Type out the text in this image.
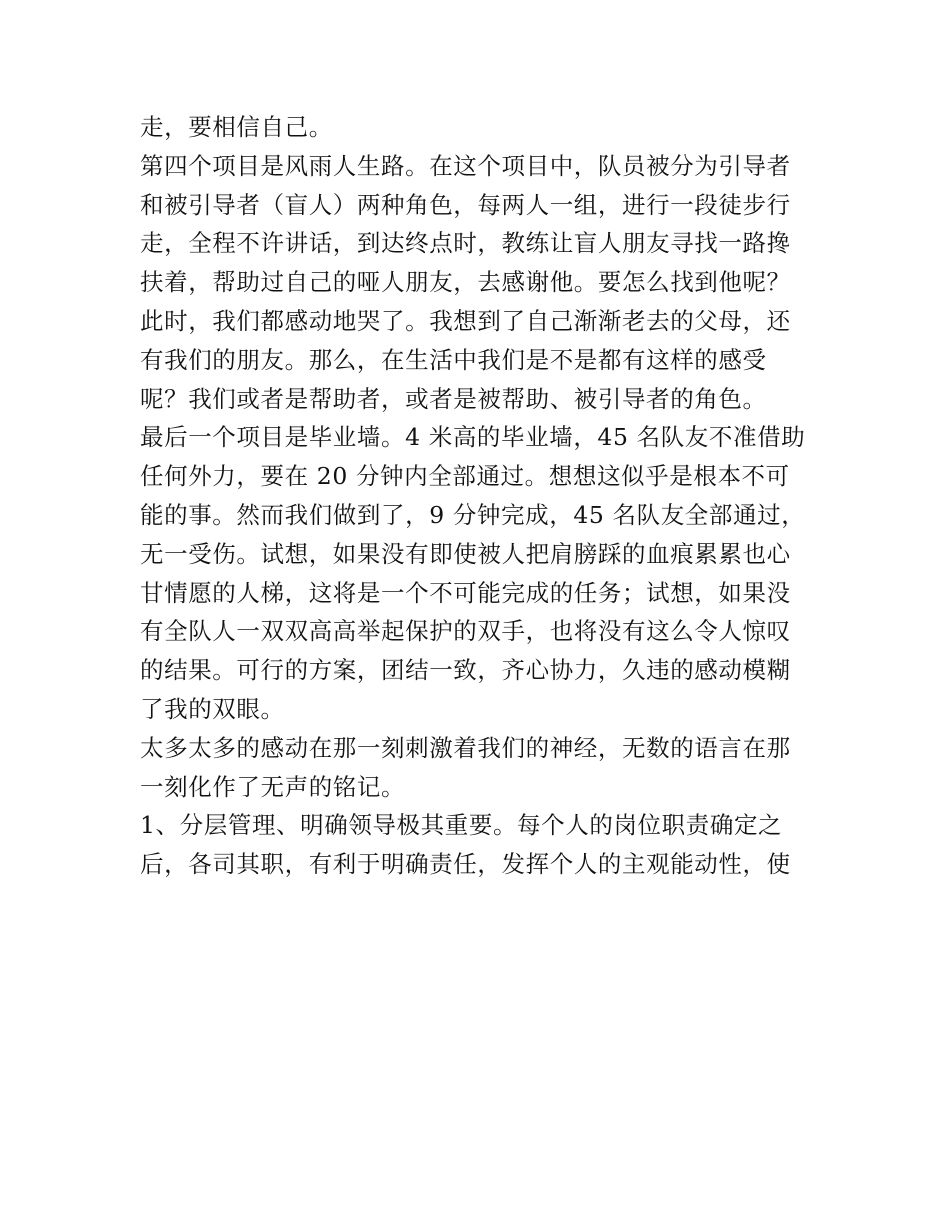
走，要相信自己。
第四个项目是风雨人生路。在这个项目中，队员被分为引导者
和被引导者（盲人）两种角色，每两人一组，进行一段徒步行
走，全程不许讲话，到达终点时，教练让盲人朋友寻找一路搀
扶着，帮助过自己的哑人朋友，去感谢他。要怎么找到他呢？
此时，我们都感动地哭了。我想到了自己渐渐老去的父母，还
有我们的朋友。那么，在生活中我们是不是都有这样的感受
呢？我们或者是帮助者，或者是被帮助、被引导者的角色。
最后一个项目是毕业墙。4 米高的毕业墙，45 名队友不准借助
任何外力，要在 20 分钟内全部通过。想想这似乎是根本不可
能的事。然而我们做到了，9 分钟完成，45 名队友全部通过，
无一受伤。试想，如果没有即使被人把肩膀踩的血痕累累也心
甘情愿的人梯，这将是一个不可能完成的任务；试想，如果没
有全队人一双双高高举起保护的双手，也将没有这么令人惊叹
的结果。可行的方案，团结一致，齐心协力，久违的感动模糊
了我的双眼。
太多太多的感动在那一刻刺激着我们的神经，无数的语言在那
一刻化作了无声的铭记。
1、分层管理、明确领导极其重要。每个人的岗位职责确定之
后，各司其职，有利于明确责任，发挥个人的主观能动性，使
